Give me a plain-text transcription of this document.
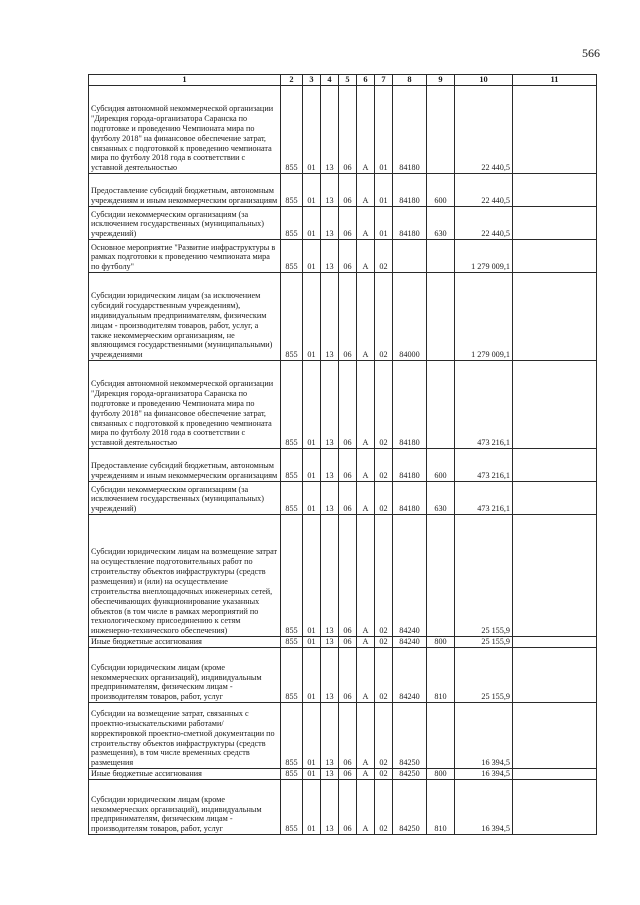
566
1	2	3	4	5	6	7	8	9	10	11
Субсидия автономной некоммерческой организации "Дирекция города-организатора Саранска по подготовке и проведению Чемпионата мира по футболу 2018" на финансовое обеспечение затрат, связанных с подготовкой к проведению чемпионата мира по футболу 2018 года в соответствии с уставной деятельностью	855	01	13	06	А	01	84180		22 440,5	
Предоставление субсидий бюджетным, автономным учреждениям и иным некоммерческим организациям	855	01	13	06	А	01	84180	600	22 440,5	
Субсидии некоммерческим организациям (за исключением государственных (муниципальных) учреждений)	855	01	13	06	А	01	84180	630	22 440,5	
Основное мероприятие "Развитие инфраструктуры в рамках подготовки к проведению чемпионата мира по футболу"	855	01	13	06	А	02			1 279 009,1	
Субсидии юридическим лицам (за исключением субсидий государственным учреждениям), индивидуальным предпринимателям, физическим лицам - производителям товаров, работ, услуг, а также некоммерческим организациям, не являющимся государственными (муниципальными) учреждениями	855	01	13	06	А	02	84000		1 279 009,1	
Субсидия автономной некоммерческой организации "Дирекция города-организатора Саранска по подготовке и проведению Чемпионата мира по футболу 2018" на финансовое обеспечение затрат, связанных с подготовкой к проведению чемпионата мира по футболу 2018 года в соответствии с уставной деятельностью	855	01	13	06	А	02	84180		473 216,1	
Предоставление субсидий бюджетным, автономным учреждениям и иным некоммерческим организациям	855	01	13	06	А	02	84180	600	473 216,1	
Субсидии некоммерческим организациям (за исключением государственных (муниципальных) учреждений)	855	01	13	06	А	02	84180	630	473 216,1	
Субсидии юридическим лицам на возмещение затрат на осуществление подготовительных работ по строительству объектов инфраструктуры (средств размещения) и (или) на осуществление строительства внеплощадочных инженерных сетей, обеспечивающих функционирование указанных объектов (в том числе в рамках мероприятий по технологическому присоединению к сетям инженерно-технического обеспечения)	855	01	13	06	А	02	84240		25 155,9	
Иные бюджетные ассигнования	855	01	13	06	А	02	84240	800	25 155,9	
Субсидии юридическим лицам (кроме некоммерческих организаций), индивидуальным предпринимателям, физическим лицам - производителям товаров, работ, услуг	855	01	13	06	А	02	84240	810	25 155,9	
Субсидии на возмещение затрат, связанных с проектно-изыскательскими работами/корректировкой проектно-сметной документации по строительству объектов инфраструктуры (средств размещения), в том числе временных средств размещения	855	01	13	06	А	02	84250		16 394,5	
Иные бюджетные ассигнования	855	01	13	06	А	02	84250	800	16 394,5	
Субсидии юридическим лицам (кроме некоммерческих организаций), индивидуальным предпринимателям, физическим лицам - производителям товаров, работ, услуг	855	01	13	06	А	02	84250	810	16 394,5	
